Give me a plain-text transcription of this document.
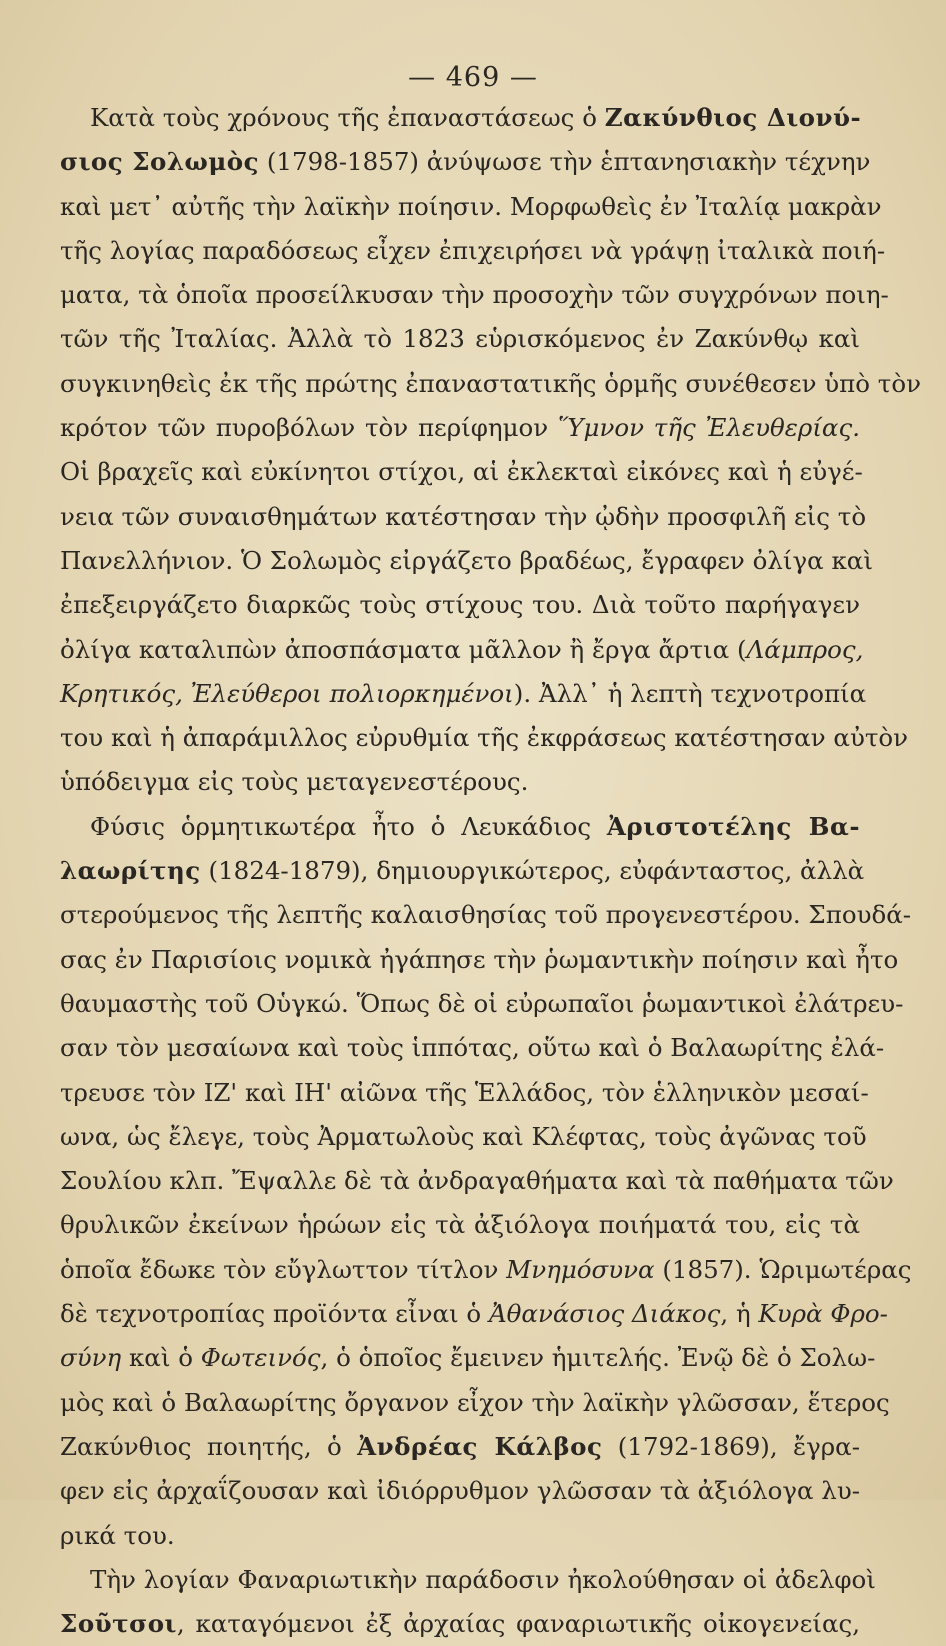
— 469 —
Κατὰ τοὺς χρόνους τῆς ἐπαναστάσεως ὁ Ζακύνθιος Διονύ-
σιος Σολωμὸς (1798-1857) ἀνύψωσε τὴν ἑπτανησιακὴν τέχνην
καὶ μετ᾽ αὐτῆς τὴν λαϊκὴν ποίησιν. Μορφωθεὶς ἐν Ἰταλίᾳ μακρὰν
τῆς λογίας παραδόσεως εἶχεν ἐπιχειρήσει νὰ γράψῃ ἰταλικὰ ποιή-
ματα, τὰ ὁποῖα προσείλκυσαν τὴν προσοχὴν τῶν συγχρόνων ποιη-
τῶν τῆς Ἰταλίας. Ἀλλὰ τὸ 1823 εὑρισκόμενος ἐν Ζακύνθῳ καὶ
συγκινηθεὶς ἐκ τῆς πρώτης ἐπαναστατικῆς ὁρμῆς συνέθεσεν ὑπὸ τὸν
κρότον τῶν πυροβόλων τὸν περίφημον Ὕμνον τῆς Ἐλευθερίας.
Οἱ βραχεῖς καὶ εὐκίνητοι στίχοι, αἱ ἐκλεκταὶ εἰκόνες καὶ ἡ εὐγέ-
νεια τῶν συναισθημάτων κατέστησαν τὴν ᾠδὴν προσφιλῆ εἰς τὸ
Πανελλήνιον. Ὁ Σολωμὸς εἰργάζετο βραδέως, ἔγραφεν ὀλίγα καὶ
ἐπεξειργάζετο διαρκῶς τοὺς στίχους του. Διὰ τοῦτο παρήγαγεν
ὀλίγα καταλιπὼν ἀποσπάσματα μᾶλλον ἢ ἔργα ἄρτια (Λάμπρος,
Κρητικός, Ἐλεύθεροι πολιορκημένοι). Ἀλλ᾽ ἡ λεπτὴ τεχνοτροπία
του καὶ ἡ ἀπαράμιλλος εὐρυθμία τῆς ἐκφράσεως κατέστησαν αὐτὸν
ὑπόδειγμα εἰς τοὺς μεταγενεστέρους.
Φύσις ὁρμητικωτέρα ἦτο ὁ Λευκάδιος Ἀριστοτέλης Βα-
λαωρίτης (1824-1879), δημιουργικώτερος, εὐφάνταστος, ἀλλὰ
στερούμενος τῆς λεπτῆς καλαισθησίας τοῦ προγενεστέρου. Σπουδά-
σας ἐν Παρισίοις νομικὰ ἠγάπησε τὴν ῥωμαντικὴν ποίησιν καὶ ἦτο
θαυμαστὴς τοῦ Οὑγκώ. Ὅπως δὲ οἱ εὐρωπαῖοι ῥωμαντικοὶ ἐλάτρευ-
σαν τὸν μεσαίωνα καὶ τοὺς ἱππότας, οὕτω καὶ ὁ Βαλαωρίτης ἐλά-
τρευσε τὸν ΙΖ' καὶ ΙΗ' αἰῶνα τῆς Ἑλλάδος, τὸν ἑλληνικὸν μεσαί-
ωνα, ὡς ἔλεγε, τοὺς Ἀρματωλοὺς καὶ Κλέφτας, τοὺς ἀγῶνας τοῦ
Σουλίου κλπ. Ἔψαλλε δὲ τὰ ἀνδραγαθήματα καὶ τὰ παθήματα τῶν
θρυλικῶν ἐκείνων ἡρώων εἰς τὰ ἀξιόλογα ποιήματά του, εἰς τὰ
ὁποῖα ἔδωκε τὸν εὔγλωττον τίτλον Μνημόσυνα (1857). Ὡριμωτέρας
δὲ τεχνοτροπίας προϊόντα εἶναι ὁ Ἀθανάσιος Διάκος, ἡ Κυρὰ Φρο-
σύνη καὶ ὁ Φωτεινός, ὁ ὁποῖος ἔμεινεν ἡμιτελής. Ἐνῷ δὲ ὁ Σολω-
μὸς καὶ ὁ Βαλαωρίτης ὄργανον εἶχον τὴν λαϊκὴν γλῶσσαν, ἕτερος
Ζακύνθιος ποιητής, ὁ Ἀνδρέας Κάλβος (1792-1869), ἔγρα-
φεν εἰς ἀρχαΐζουσαν καὶ ἰδιόρρυθμον γλῶσσαν τὰ ἀξιόλογα λυ-
ρικά του.
Τὴν λογίαν Φαναριωτικὴν παράδοσιν ἠκολούθησαν οἱ ἀδελφοὶ
Σοῦτσοι, καταγόμενοι ἐξ ἀρχαίας φαναριωτικῆς οἰκογενείας,
